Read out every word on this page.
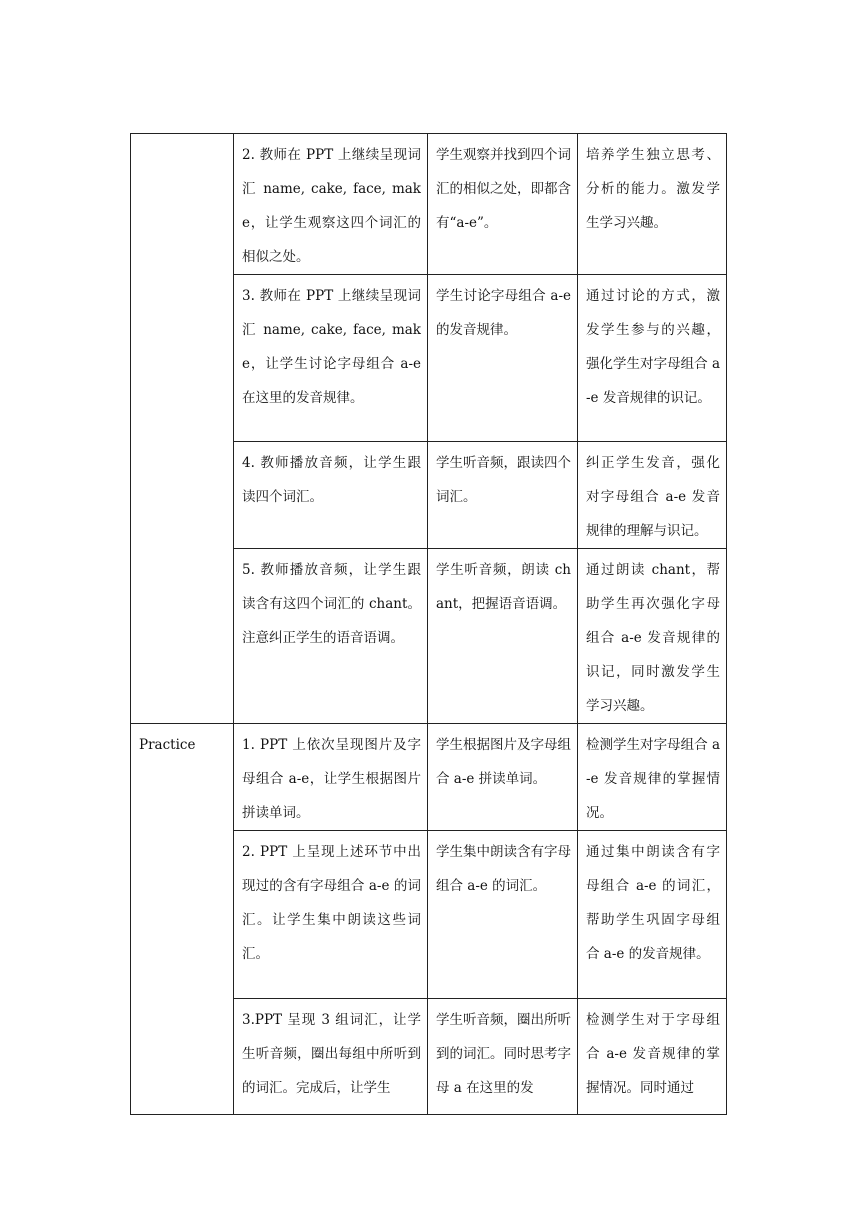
	2. 教师在 PPT 上继续呈现词 汇 name, cake, face, make，让学生观察这四个词汇的相似之处。	学生观察并找到四个词汇的相似之处，即都含有“a-e”。	培养学生独立思考、分析的能力。激发学生学习兴趣。
	3. 教师在 PPT 上继续呈现词 汇 name, cake, face, make，让学生讨论字母组合 a-e 在这里的发音规律。	学生讨论字母组合 a-e 的发音规律。	通过讨论的方式，激发学生参与的兴趣，强化学生对字母组合 a-e 发音规律的识记。
	4. 教师播放音频，让学生跟读四个词汇。	学生听音频，跟读四个词汇。	纠正学生发音，强化对字母组合 a-e 发音规律的理解与识记。
	5. 教师播放音频，让学生跟读含有这四个词汇的 chant。注意纠正学生的语音语调。	学生听音频，朗读 chant，把握语音语调。	通过朗读 chant，帮助学生再次强化字母组合 a-e 发音规律的识记，同时激发学生学习兴趣。
Practice	1. PPT 上依次呈现图片及字母组合 a-e，让学生根据图片拼读单词。	学生根据图片及字母组合 a-e 拼读单词。	检测学生对字母组合 a-e 发音规律的掌握情况。
	2. PPT 上呈现上述环节中出现过的含有字母组合 a-e 的词汇。让学生集中朗读这些词汇。	学生集中朗读含有字母组合 a-e 的词汇。	通过集中朗读含有字母组合 a-e 的词汇，帮助学生巩固字母组合 a-e 的发音规律。
	3.PPT 呈现 3 组词汇，让学生听音频，圈出每组中所听到的词汇。完成后，让学生	学生听音频，圈出所听到的词汇。同时思考字母 a 在这里的发	检测学生对于字母组合 a-e 发音规律的掌握情况。同时通过
